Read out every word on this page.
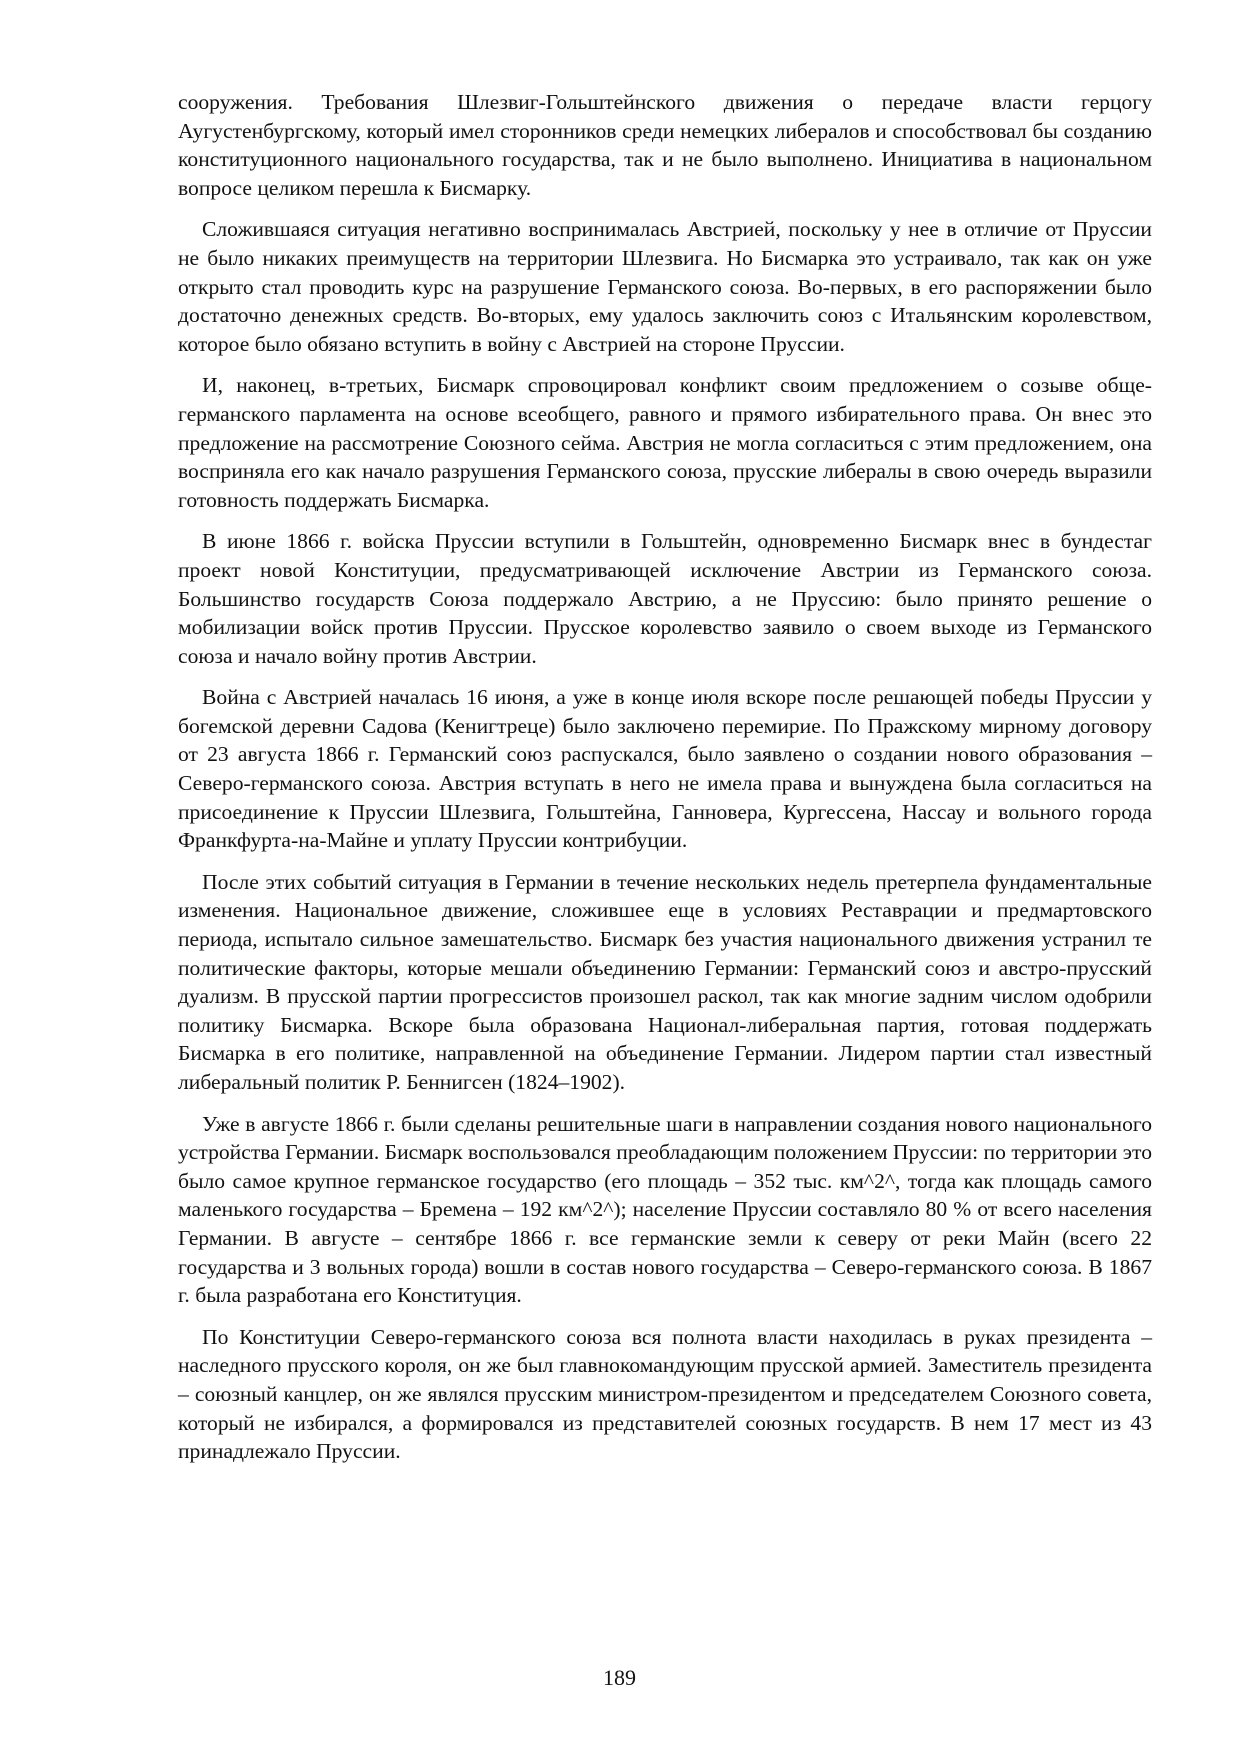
сооружения. Требования Шлезвиг-Гольштейнского движения о передаче власти герцогу Аугустенбургскому, который имел сторонников среди немецких либералов и способствовал бы созданию конституционного национального государства, так и не было выполнено. Инициатива в национальном вопросе целиком перешла к Бисмарку.

Сложившаяся ситуация негативно воспринималась Австрией, поскольку у нее в отличие от Пруссии не было никаких преимуществ на территории Шлезвига. Но Бисмарка это устраивало, так как он уже открыто стал проводить курс на разрушение Германского союза. Во-первых, в его распоряжении было достаточно денежных средств. Во-вторых, ему удалось заключить союз с Итальянским королевством, которое было обязано вступить в войну с Австрией на стороне Пруссии.

И, наконец, в-третьих, Бисмарк спровоцировал конфликт своим предложением о созыве обще-германского парламента на основе всеобщего, равного и прямого избирательного права. Он внес это предложение на рассмотрение Союзного сейма. Австрия не могла согласиться с этим предложением, она восприняла его как начало разрушения Германского союза, прусские либералы в свою очередь выразили готовность поддержать Бисмарка.

В июне 1866 г. войска Пруссии вступили в Гольштейн, одновременно Бисмарк внес в бундестаг проект новой Конституции, предусматривающей исключение Австрии из Германского союза. Большинство государств Союза поддержало Австрию, а не Пруссию: было принято решение о мобилизации войск против Пруссии. Прусское королевство заявило о своем выходе из Германского союза и начало войну против Австрии.

Война с Австрией началась 16 июня, а уже в конце июля вскоре после решающей победы Пруссии у богемской деревни Садова (Кенигтреце) было заключено перемирие. По Пражскому мирному договору от 23 августа 1866 г. Германский союз распускался, было заявлено о создании нового образования – Северо-германского союза. Австрия вступать в него не имела права и вынуждена была согласиться на присоединение к Пруссии Шлезвига, Гольштейна, Ганновера, Кургессена, Нассау и вольного города Франкфурта-на-Майне и уплату Пруссии контрибуции.

После этих событий ситуация в Германии в течение нескольких недель претерпела фундаментальные изменения. Национальное движение, сложившее еще в условиях Реставрации и предмартовского периода, испытало сильное замешательство. Бисмарк без участия национального движения устранил те политические факторы, которые мешали объединению Германии: Германский союз и австро-прусский дуализм. В прусской партии прогрессистов произошел раскол, так как многие задним числом одобрили политику Бисмарка. Вскоре была образована Национал-либеральная партия, готовая поддержать Бисмарка в его политике, направленной на объединение Германии. Лидером партии стал известный либеральный политик Р. Беннигсен (1824–1902).

Уже в августе 1866 г. были сделаны решительные шаги в направлении создания нового национального устройства Германии. Бисмарк воспользовался преобладающим положением Пруссии: по территории это было самое крупное германское государство (его площадь – 352 тыс. км^2^, тогда как площадь самого маленького государства – Бремена – 192 км^2^); население Пруссии составляло 80 % от всего населения Германии. В августе – сентябре 1866 г. все германские земли к северу от реки Майн (всего 22 государства и 3 вольных города) вошли в состав нового государства – Северо-германского союза. В 1867 г. была разработана его Конституция.

По Конституции Северо-германского союза вся полнота власти находилась в руках президента – наследного прусского короля, он же был главнокомандующим прусской армией. Заместитель президента – союзный канцлер, он же являлся прусским министром-президентом и председателем Союзного совета, который не избирался, а формировался из представителей союзных государств. В нем 17 мест из 43 принадлежало Пруссии.

189
